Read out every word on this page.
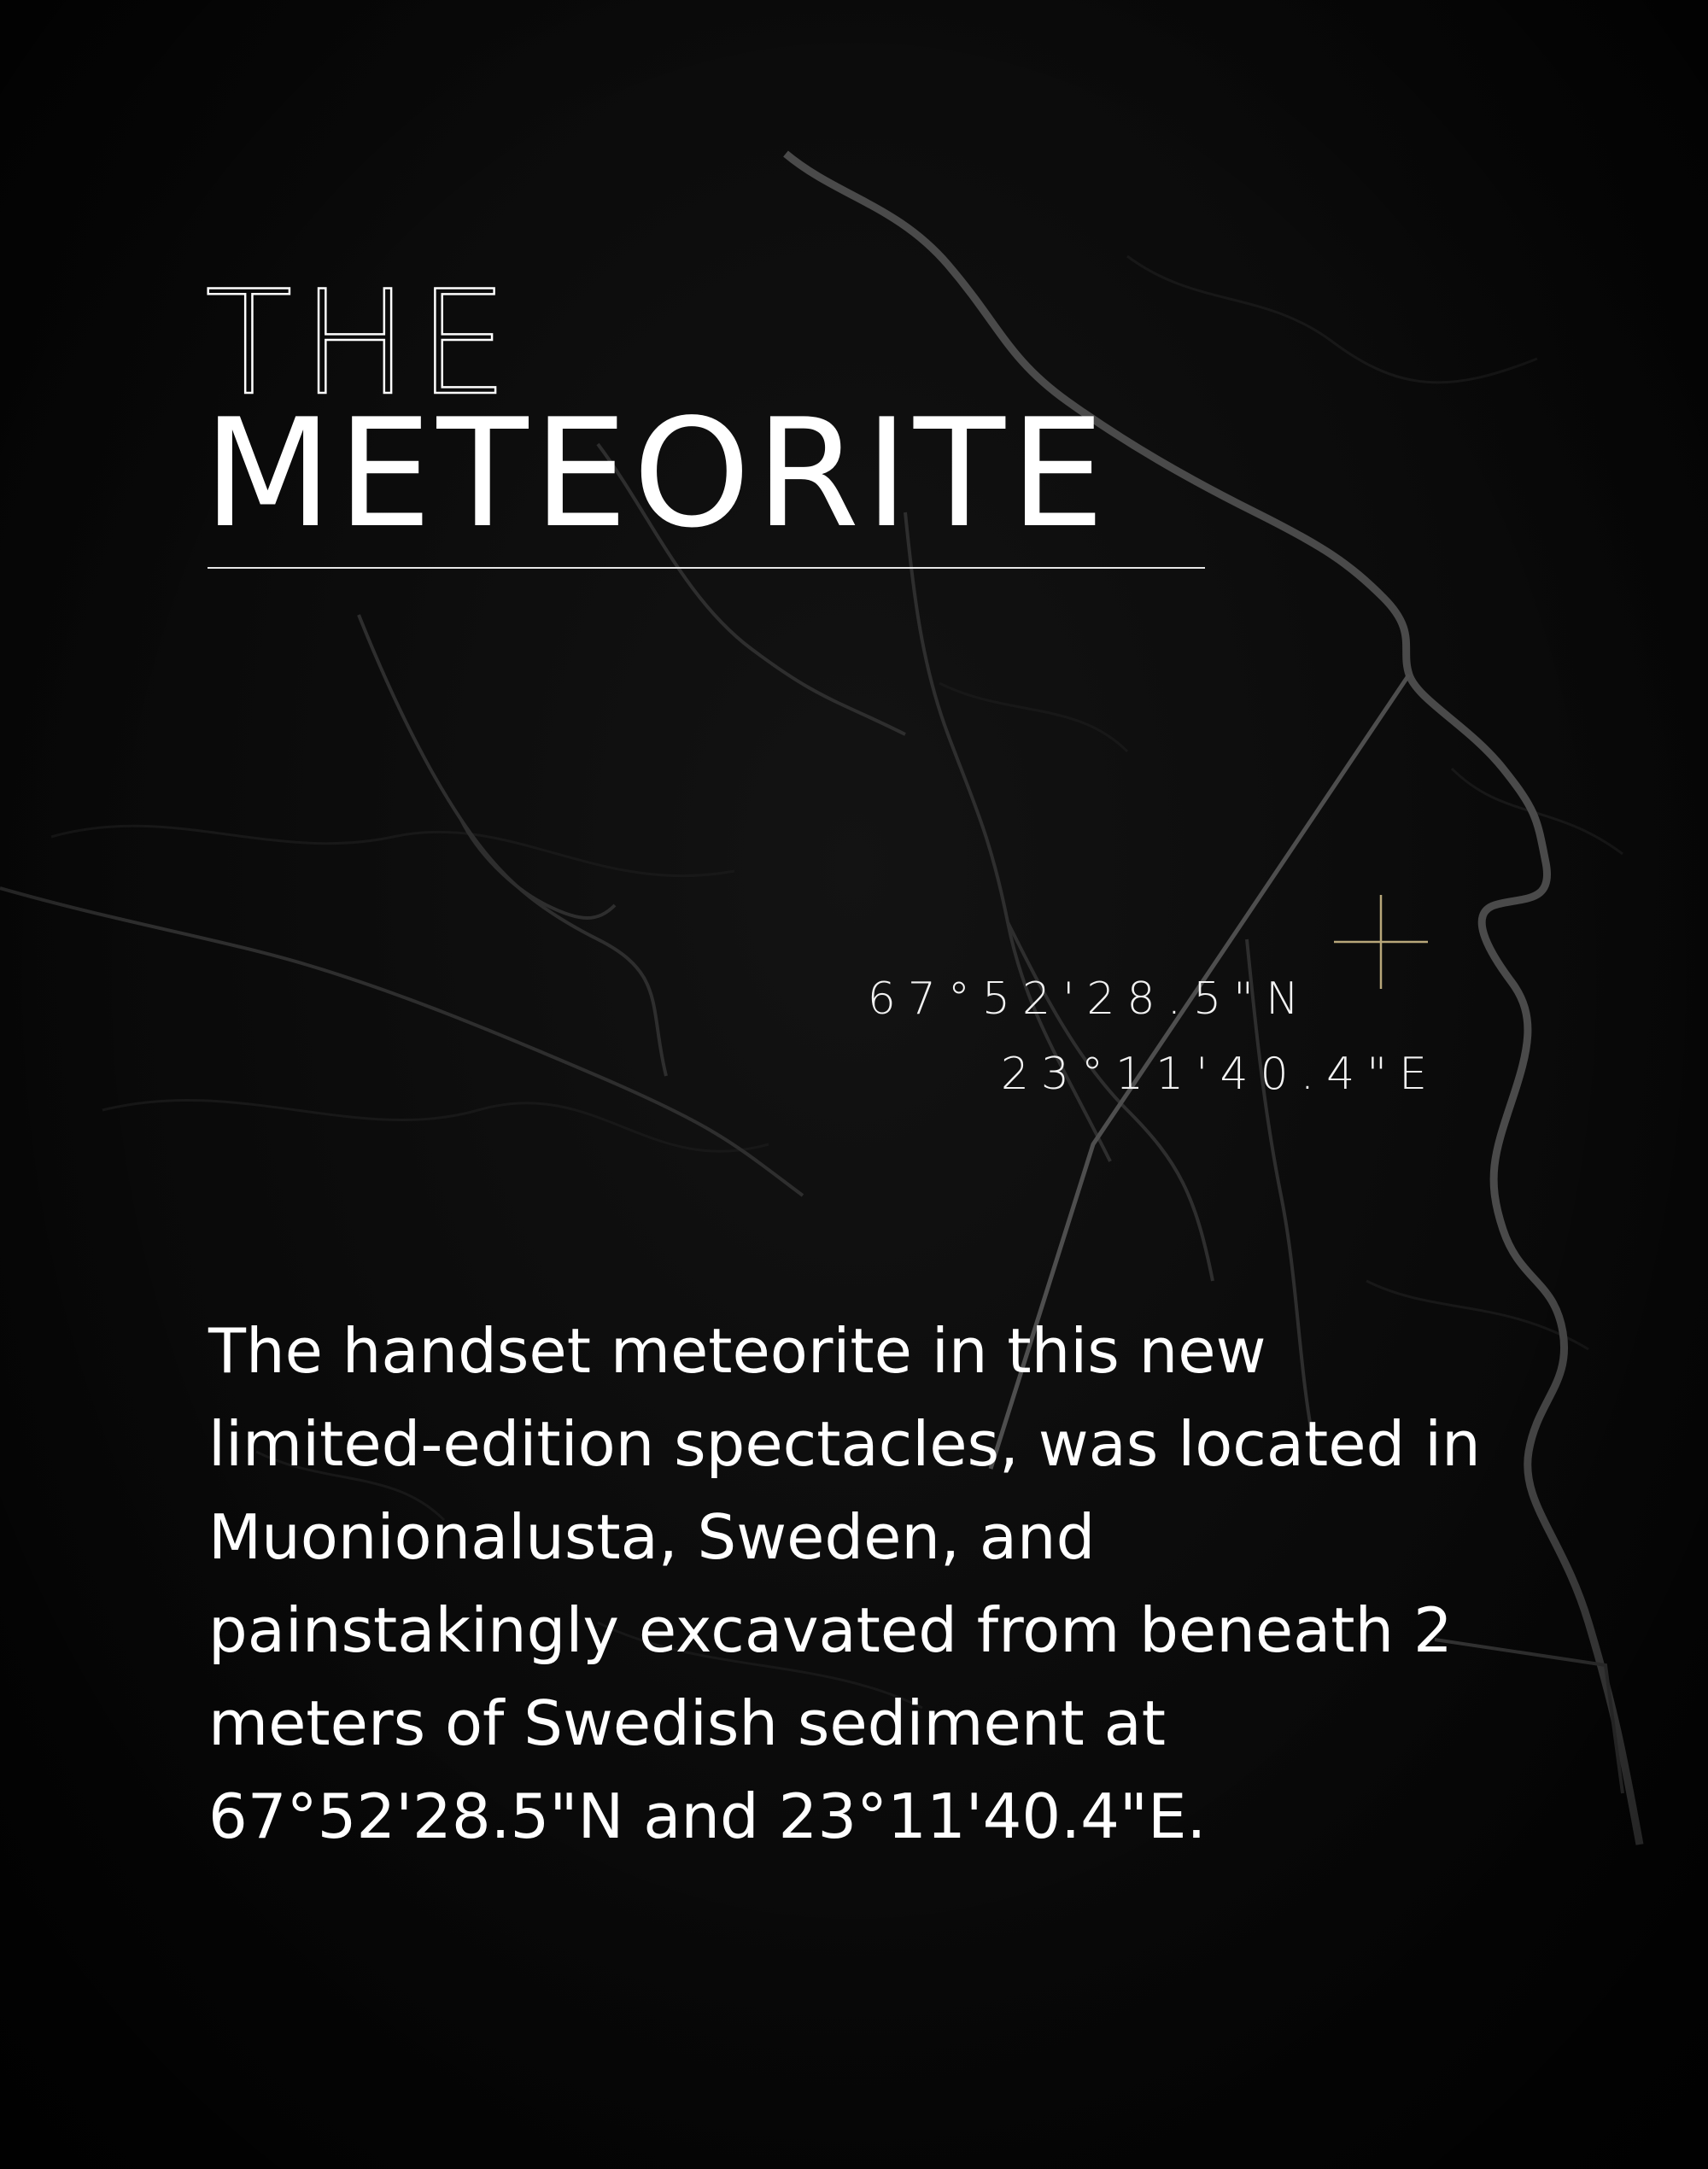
THE
METEORITE
67°52'28.5"N
23°11'40.4"E

The handset meteorite in this new limited-edition spectacles, was located in Muonionalusta, Sweden, and painstakingly excavated from beneath 2 meters of Swedish sediment at 67°52'28.5"N and 23°11'40.4"E.
